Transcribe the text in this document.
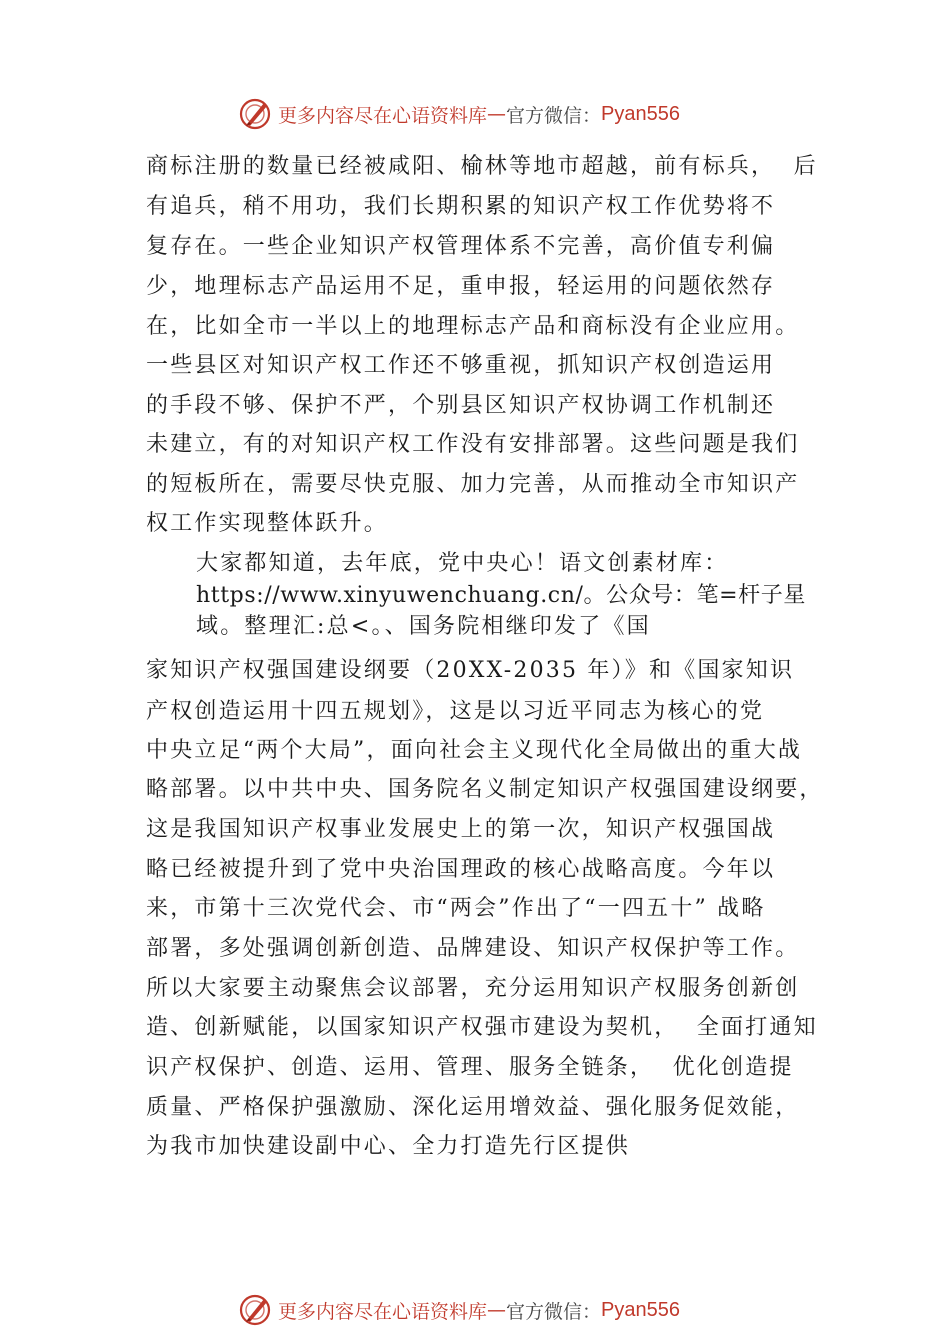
更多内容尽在心语资料库 — 官方微信： Pyan556
商标注册的数量已经被咸阳、榆林等地市超越，前有标兵，  后
有追兵，稍不用功，我们长期积累的知识产权工作优势将不
复存在。一些企业知识产权管理体系不完善，高价值专利偏
少，地理标志产品运用不足，重申报，轻运用的问题依然存
在，比如全市一半以上的地理标志产品和商标没有企业应用。
一些县区对知识产权工作还不够重视，抓知识产权创造运用
的手段不够、保护不严，个别县区知识产权协调工作机制还
未建立，有的对知识产权工作没有安排部署。这些问题是我们
的短板所在，需要尽快克服、加力完善，从而推动全市知识产
权工作实现整体跃升。
大家都知道，去年底，党中央心！语文创素材库：
https://www.xinyuwenchuang.cn/。公众号：笔=杆子星
域。整理汇:总<。、国务院相继印发了《国
家知识产权强国建设纲要（20XX-2035 年）》和《国家知识
产权创造运用十四五规划》，这是以习近平同志为核心的党
中央立足“两个大局”，面向社会主义现代化全局做出的重大战
略部署。以中共中央、国务院名义制定知识产权强国建设纲要，
这是我国知识产权事业发展史上的第一次，知识产权强国战
略已经被提升到了党中央治国理政的核心战略高度。今年以
来，市第十三次党代会、市“两会”作出了“一四五十” 战略
部署，多处强调创新创造、品牌建设、知识产权保护等工作。
所以大家要主动聚焦会议部署，充分运用知识产权服务创新创
造、创新赋能，以国家知识产权强市建设为契机，  全面打通知
识产权保护、创造、运用、管理、服务全链条，  优化创造提
质量、严格保护强激励、深化运用增效益、强化服务促效能，
为我市加快建设副中心、全力打造先行区提供
更多内容尽在心语资料库 — 官方微信： Pyan556
